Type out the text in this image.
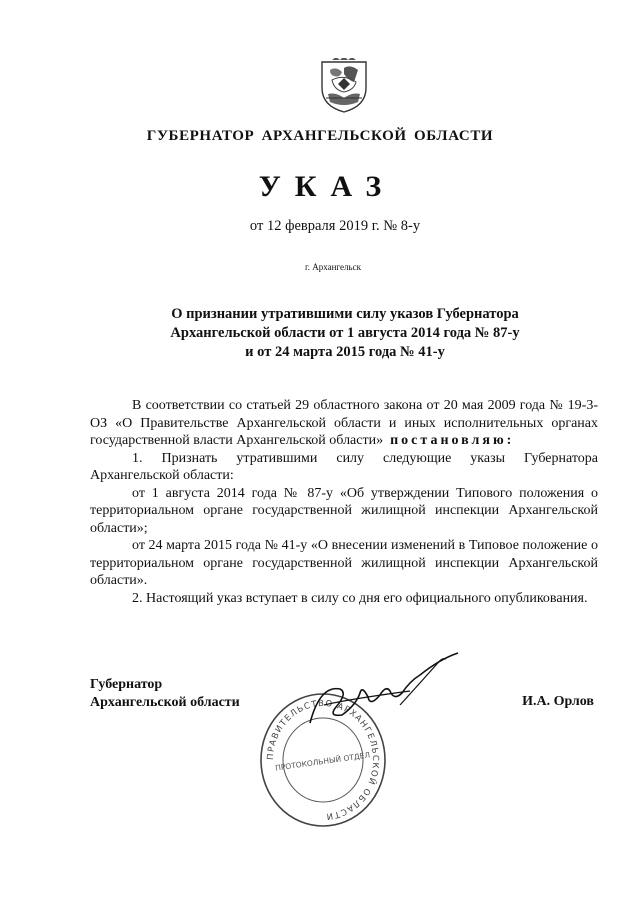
ГУБЕРНАТОР АРХАНГЕЛЬСКОЙ ОБЛАСТИ
УКАЗ
от 12 февраля 2019 г. № 8-у
г. Архангельск
О признании утратившими силу указов Губернатора
Архангельской области от 1 августа 2014 года № 87-у
и от 24 марта 2015 года № 41-у

В соответствии со статьей 29 областного закона от 20 мая 2009 года № 19-3-ОЗ «О Правительстве Архангельской области и иных исполнительных органах государственной власти Архангельской области» постановляю:

1. Признать утратившими силу следующие указы Губернатора Архангельской области:

от 1 августа 2014 года № 87-у «Об утверждении Типового положения о территориальном органе государственной жилищной инспекции Архангельской области»;

от 24 марта 2015 года № 41-у «О внесении изменений в Типовое положение о территориальном органе государственной жилищной инспекции Архангельской области».

2. Настоящий указ вступает в силу со дня его официального опубликования.

Губернатор
Архангельской области
ПРАВИТЕЛЬСТВО АРХАНГЕЛЬСКОЙ ОБЛАСТИ
ПРОТОКОЛЬНЫЙ ОТДЕЛ
И.А. Орлов
